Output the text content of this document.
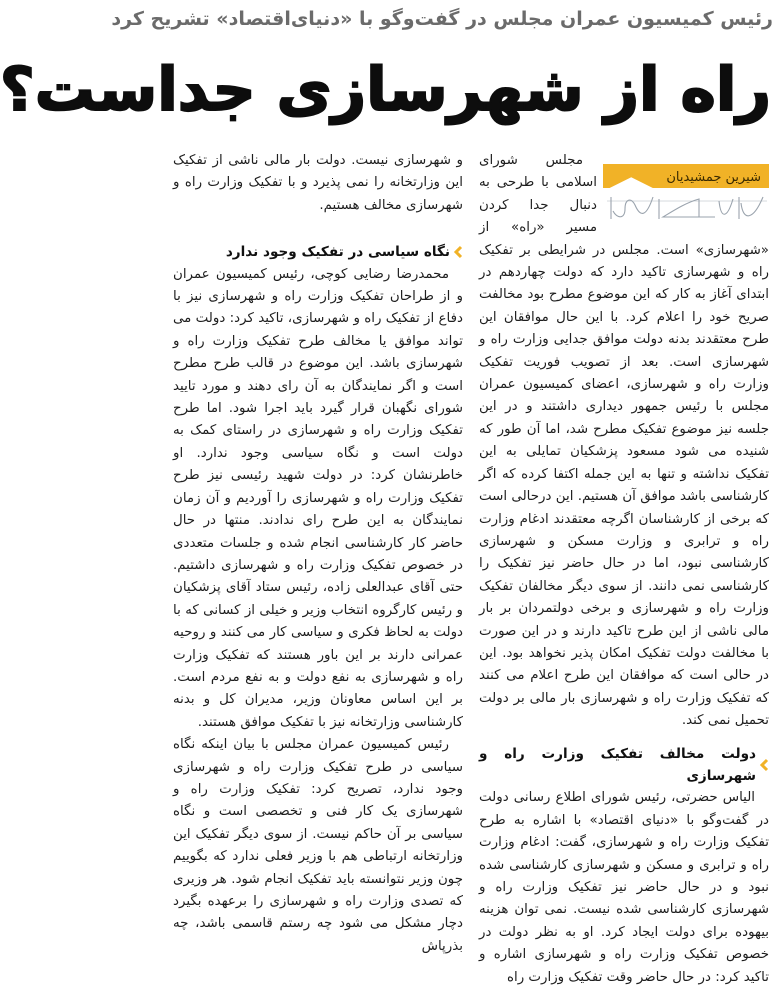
رئیس کمیسیون عمران مجلس در گفت‌وگو با «دنیای‌اقتصاد» تشریح کرد
راه از شهرسازی جداست؟
شیرین جمشیدیان

مجلس شورای اسلامی با طرحی به دنبال جدا کردن مسیر «راه» از «شهرسازی» است. مجلس در شرایطی بر تفکیک راه و شهرسازی تاکید دارد که دولت چهاردهم در ابتدای آغاز به کار که این موضوع مطرح بود مخالفت صریح خود را اعلام کرد. با این حال موافقان این طرح معتقدند بدنه دولت موافق جدایی وزارت راه و شهرسازی است. بعد از تصویب فوریت تفکیک وزارت راه و شهرسازی، اعضای کمیسیون عمران مجلس با رئیس جمهور دیداری داشتند و در این جلسه نیز موضوع تفکیک مطرح شد، اما آن طور که شنیده می شود مسعود پزشکیان تمایلی به این تفکیک نداشته و تنها به این جمله اکتفا کرده که اگر کارشناسی باشد موافق آن هستیم. این درحالی است که برخی از کارشناسان اگرچه معتقدند ادغام وزارت راه و ترابری و وزارت مسکن و شهرسازی کارشناسی نبود، اما در حال حاضر نیز تفکیک را کارشناسی نمی دانند. از سوی دیگر مخالفان تفکیک وزارت راه و شهرسازی و برخی دولتمردان بر بار مالی ناشی از این طرح تاکید دارند و در این صورت با مخالفت دولت تفکیک امکان پذیر نخواهد بود. این در حالی است که موافقان این طرح اعلام می کنند که تفکیک وزارت راه و شهرسازی بار مالی بر دولت تحمیل نمی کند.

دولت مخالف تفکیک وزارت راه و شهرسازی

الیاس حضرتی، رئیس شورای اطلاع رسانی دولت در گفت‌وگو با «دنیای اقتصاد» با اشاره به طرح تفکیک وزارت راه و شهرسازی، گفت: ادغام وزارت راه و ترابری و مسکن و شهرسازی کارشناسی شده نبود و در حال حاضر نیز تفکیک وزارت راه و شهرسازی کارشناسی شده نیست. نمی توان هزینه بیهوده برای دولت ایجاد کرد. او به نظر دولت در خصوص تفکیک وزارت راه و شهرسازی اشاره و تاکید کرد: در حال حاضر وقت تفکیک وزارت راه

و شهرسازی نیست. دولت بار مالی ناشی از تفکیک این وزارتخانه را نمی پذیرد و با تفکیک وزارت راه و شهرسازی مخالف هستیم.

نگاه سیاسی در تفکیک وجود ندارد

محمدرضا رضایی کوچی، رئیس کمیسیون عمران و از طراحان تفکیک وزارت راه و شهرسازی نیز با دفاع از تفکیک راه و شهرسازی، تاکید کرد: دولت می تواند موافق یا مخالف طرح تفکیک وزارت راه و شهرسازی باشد. این موضوع در قالب طرح مطرح است و اگر نمایندگان به آن رای دهند و مورد تایید شورای نگهبان قرار گیرد باید اجرا شود. اما طرح تفکیک وزارت راه و شهرسازی در راستای کمک به دولت است و نگاه سیاسی وجود ندارد. او خاطرنشان کرد: در دولت شهید رئیسی نیز طرح تفکیک وزارت راه و شهرسازی را آوردیم و آن زمان نمایندگان به این طرح رای ندادند. منتها در حال حاضر کار کارشناسی انجام شده و جلسات متعددی در خصوص تفکیک وزارت راه و شهرسازی داشتیم. حتی آقای عبدالعلی زاده، رئیس ستاد آقای پزشکیان و رئیس کارگروه انتخاب وزیر و خیلی از کسانی که با دولت به لحاظ فکری و سیاسی کار می کنند و روحیه عمرانی دارند بر این باور هستند که تفکیک وزارت راه و شهرسازی به نفع دولت و به نفع مردم است. بر این اساس معاونان وزیر، مدیران کل و بدنه کارشناسی وزارتخانه نیز با تفکیک موافق هستند.

رئیس کمیسیون عمران مجلس با بیان اینکه نگاه سیاسی در طرح تفکیک وزارت راه و شهرسازی وجود ندارد، تصریح کرد: تفکیک وزارت راه و شهرسازی یک کار فنی و تخصصی است و نگاه سیاسی بر آن حاکم نیست. از سوی دیگر تفکیک این وزارتخانه ارتباطی هم با وزیر فعلی ندارد که بگوییم چون وزیر نتوانسته باید تفکیک انجام شود. هر وزیری که تصدی وزارت راه و شهرسازی را برعهده بگیرد دچار مشکل می شود چه رستم قاسمی باشد، چه بذرپاش
